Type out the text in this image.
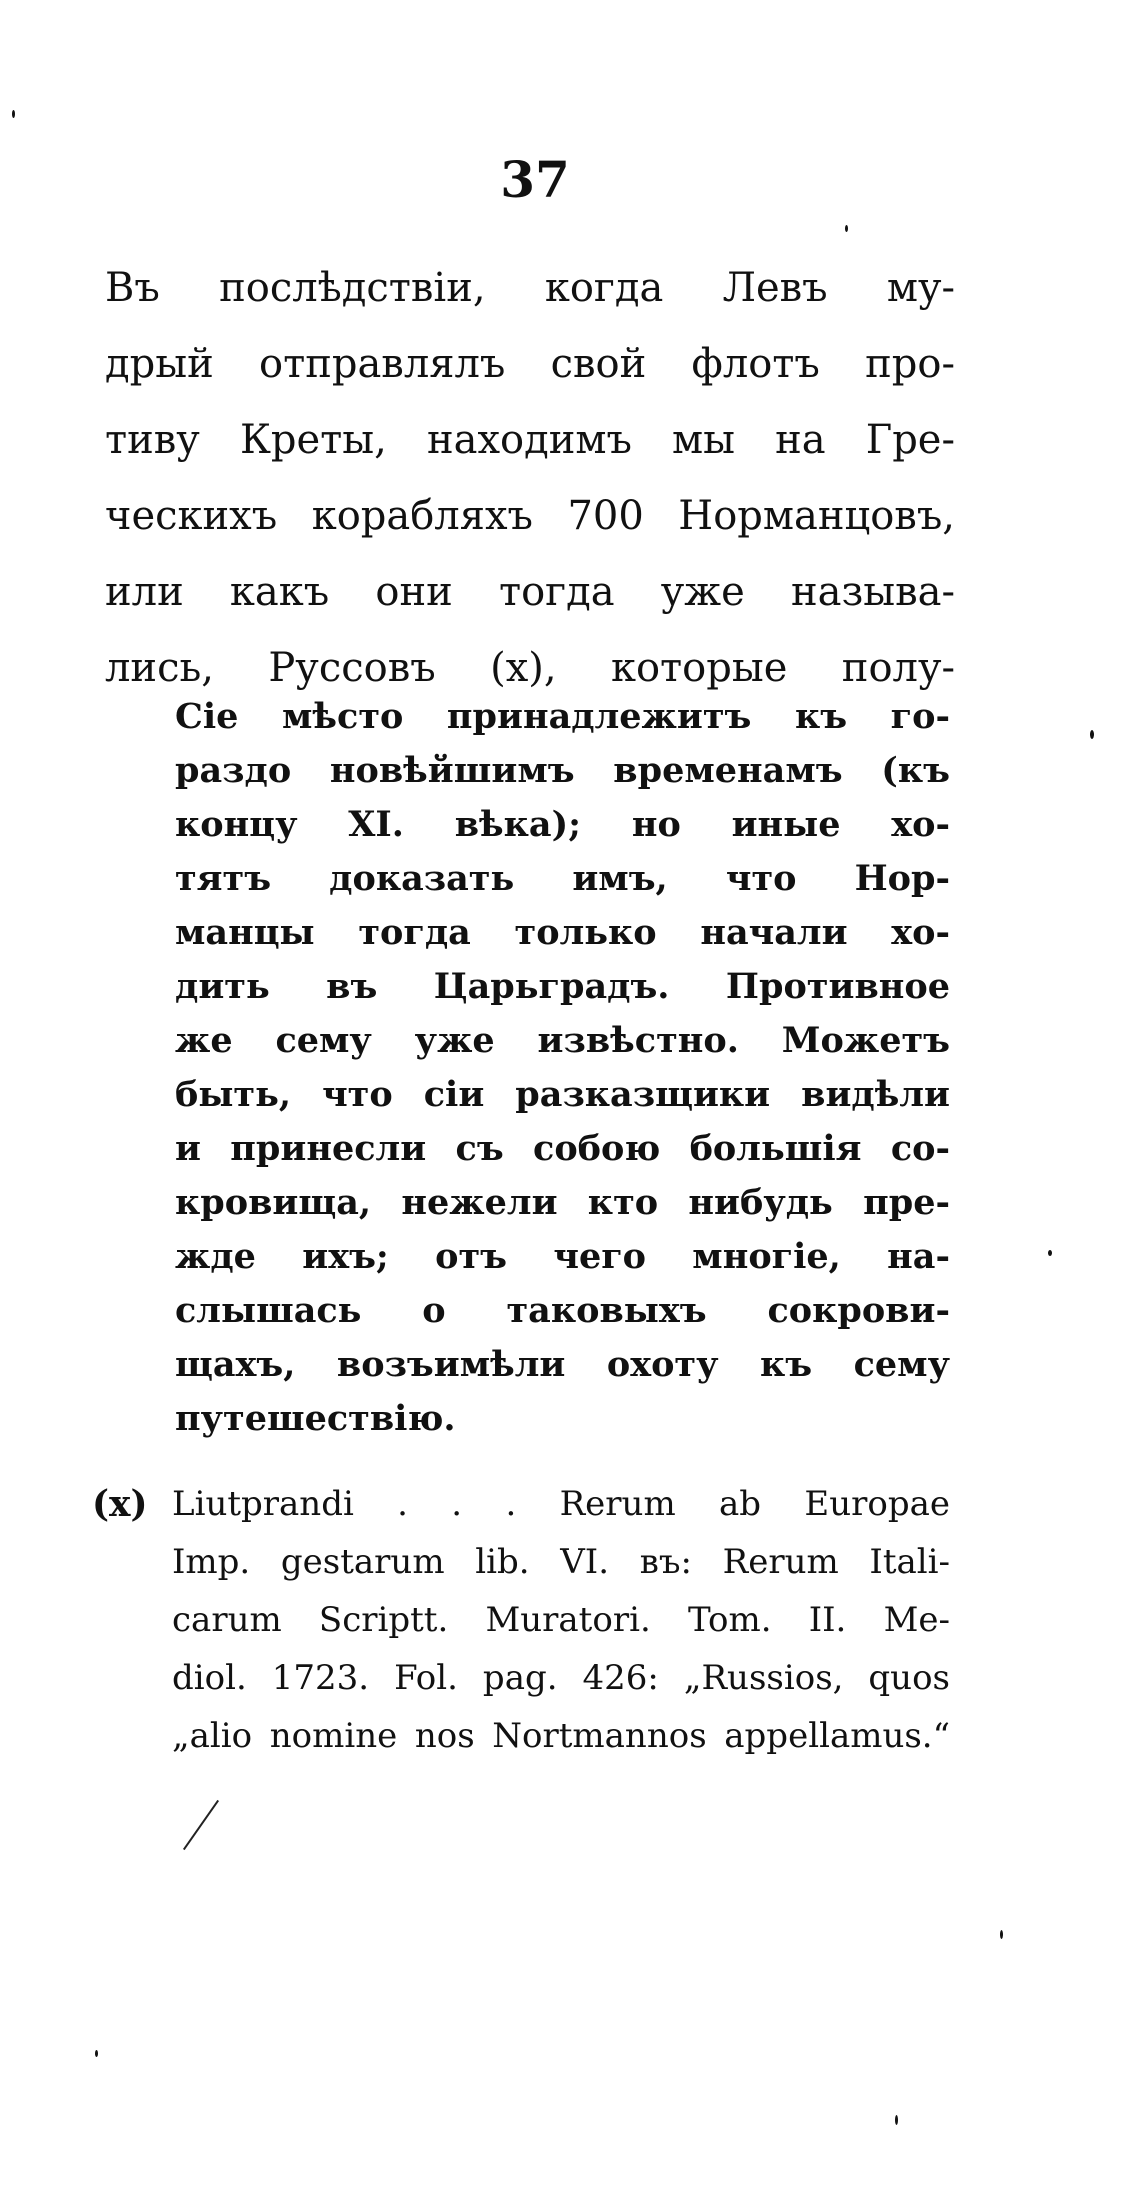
37
Въ послѣдствіи, когда Левъ му-
дрый отправлялъ свой флотъ про-
тиву Креты, находимъ мы на Гре-
ческихъ корабляхъ 700 Норманцовъ,
или какъ они тогда уже называ-
лись, Руссовъ (x), которые полу-
Сіе мѣсто принадлежитъ къ го-
раздо новѣйшимъ временамъ (къ
концу XI. вѣка); но иные хо-
тятъ доказать имъ, что Нор-
манцы тогда только начали хо-
дить въ Царьградъ. Противное
же сему уже извѣстно. Можетъ
быть, что сіи разказщики видѣли
и принесли съ собою большія со-
кровища, нежели кто нибудь пре-
жде ихъ; отъ чего многіе, на-
слышась о таковыхъ сокрови-
щахъ, возъимѣли охоту къ сему
путешествію.
(x) Liutprandi . . . Rerum ab Europae
Imp. gestarum lib. VI. въ: Rerum Itali-
carum Scriptt. Muratori. Tom. II. Me-
diol. 1723. Fol. pag. 426: „Russios, quos
„alio nomine nos Nortmannos appellamus.“
